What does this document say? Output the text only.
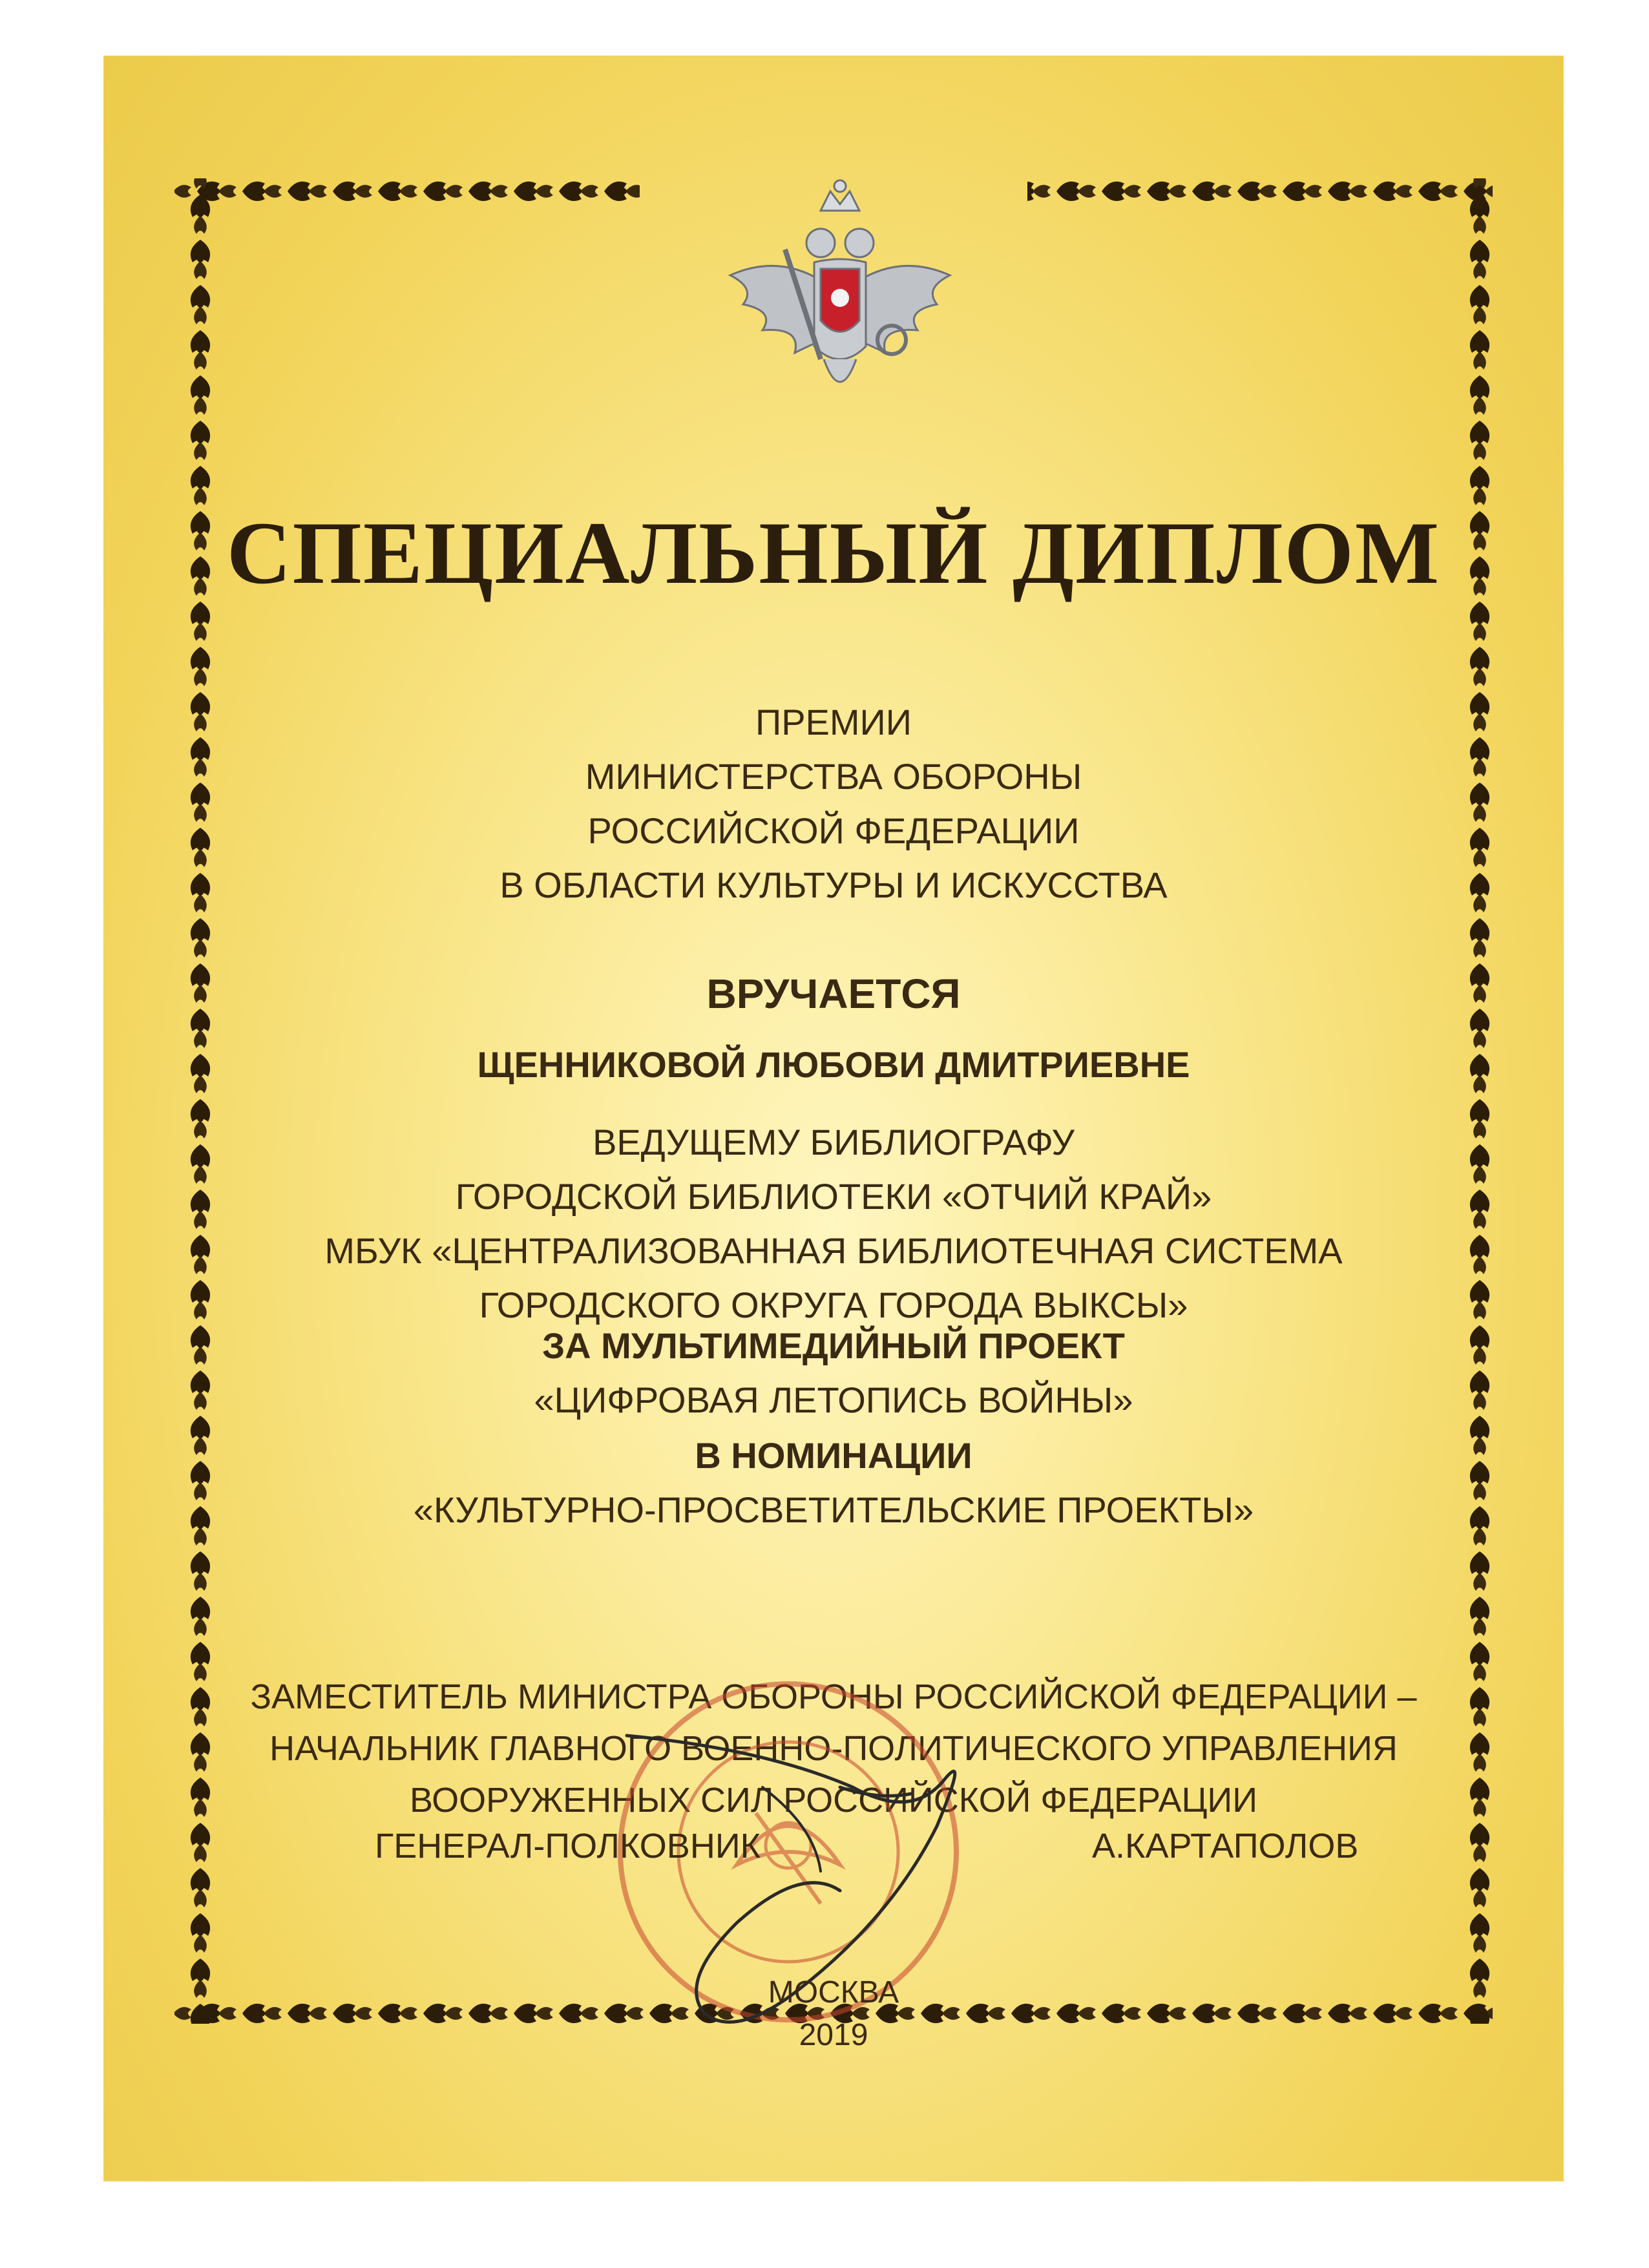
СПЕЦИАЛЬНЫЙ ДИПЛОМ
ПРЕМИИ
МИНИСТЕРСТВА ОБОРОНЫ
РОССИЙСКОЙ ФЕДЕРАЦИИ
В ОБЛАСТИ КУЛЬТУРЫ И ИСКУССТВА
ВРУЧАЕТСЯ
ЩЕННИКОВОЙ ЛЮБОВИ ДМИТРИЕВНЕ
ВЕДУЩЕМУ БИБЛИОГРАФУ
ГОРОДСКОЙ БИБЛИОТЕКИ «ОТЧИЙ КРАЙ»
МБУК «ЦЕНТРАЛИЗОВАННАЯ БИБЛИОТЕЧНАЯ СИСТЕМА
ГОРОДСКОГО ОКРУГА ГОРОДА ВЫКСЫ»
ЗА МУЛЬТИМЕДИЙНЫЙ ПРОЕКТ
«ЦИФРОВАЯ ЛЕТОПИСЬ ВОЙНЫ»
В НОМИНАЦИИ
«КУЛЬТУРНО-ПРОСВЕТИТЕЛЬСКИЕ ПРОЕКТЫ»
ЗАМЕСТИТЕЛЬ МИНИСТРА ОБОРОНЫ РОССИЙСКОЙ ФЕДЕРАЦИИ –
НАЧАЛЬНИК ГЛАВНОГО ВОЕННО-ПОЛИТИЧЕСКОГО УПРАВЛЕНИЯ
ВООРУЖЕННЫХ СИЛ РОССИЙСКОЙ ФЕДЕРАЦИИ
ГЕНЕРАЛ-ПОЛКОВНИК	А.КАРТАПОЛОВ
МОСКВА
2019
